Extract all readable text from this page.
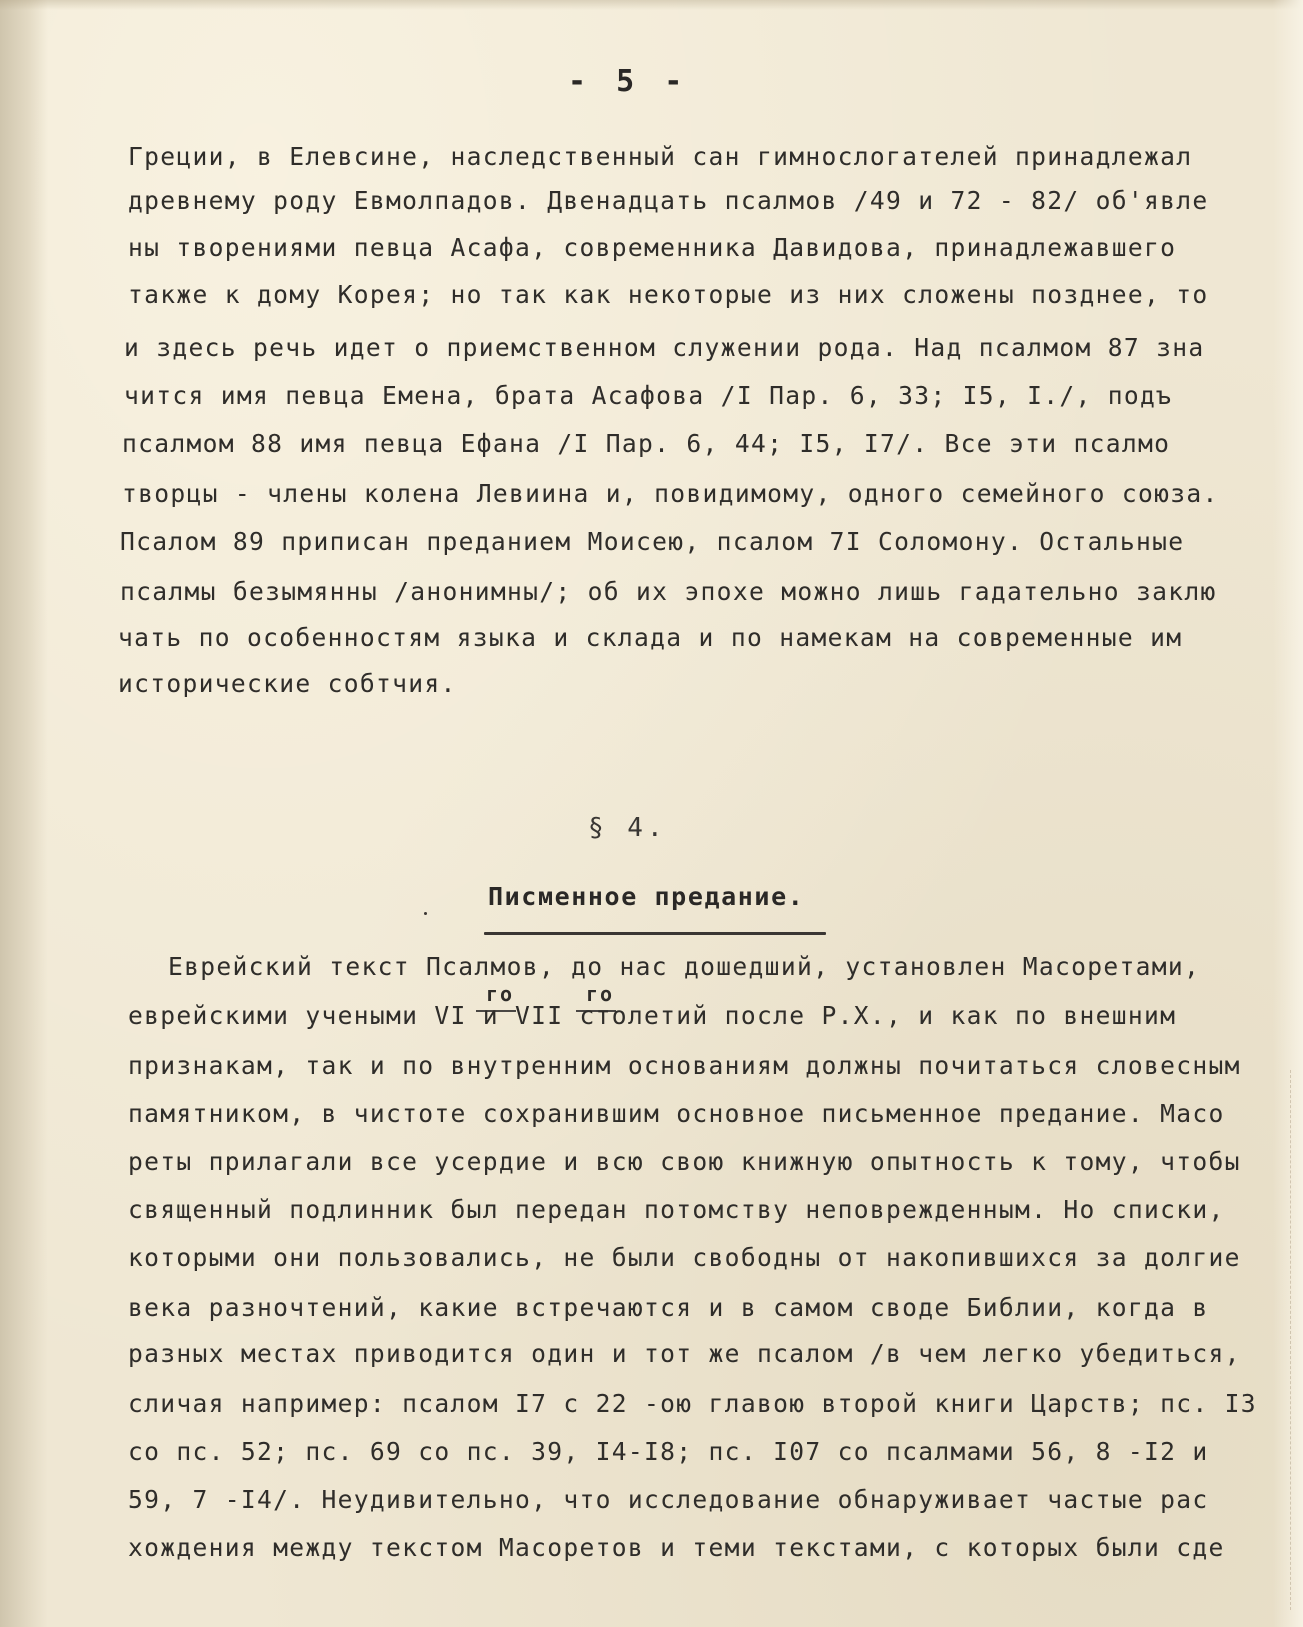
- 5 -
Греции, в Елевсине, наследственный сан гимнослогателей принадлежал
древнему роду Евмолпадов. Двенадцать псалмов /49 и 72 - 82/ об'явле
ны творениями певца Асафа, современника Давидова, принадлежавшего
также к дому Корея; но так как некоторые из них сложены позднее, то
и здесь речь идет о приемственном служении рода. Над псалмом 87 зна
чится имя певца Емена, брата Асафова /I Пар. 6, 33; I5, I./, подъ
псалмом 88 имя певца Ефана /I Пар. 6, 44; I5, I7/. Все эти псалмо
творцы - члены колена Левиина и, повидимому, одного семейного союза.
Псалом 89 приписан преданием Моисею, псалом 7I Соломону. Остальные
псалмы безымянны /анонимны/; об их эпохе можно лишь гадательно заклю
чать по особенностям языка и склада и по намекам на современные им
исторические собтчия.
§ 4.
Писменное предание.
Еврейский текст Псалмов, до нас дошедший, установлен Масоретами,
го	го
еврейскими учеными VI и VII столетий после Р.Х., и как по внешним
признакам, так и по внутренним основаниям должны почитаться словесным
памятником, в чистоте сохранившим основное письменное предание. Масо
реты прилагали все усердие и всю свою книжную опытность к тому, чтобы
священный подлинник был передан потомству неповрежденным. Но списки,
которыми они пользовались, не были свободны от накопившихся за долгие
века разночтений, какие встречаются и в самом своде Библии, когда в
разных местах приводится один и тот же псалом /в чем легко убедиться,
сличая например: псалом I7 с 22 -ою главою второй книги Царств; пс. I3
со пс. 52; пс. 69 со пс. 39, I4-I8; пс. I07 со псалмами 56, 8 -I2 и
59, 7 -I4/. Неудивительно, что исследование обнаруживает частые рас
хождения между текстом Масоретов и теми текстами, с которых были сде
